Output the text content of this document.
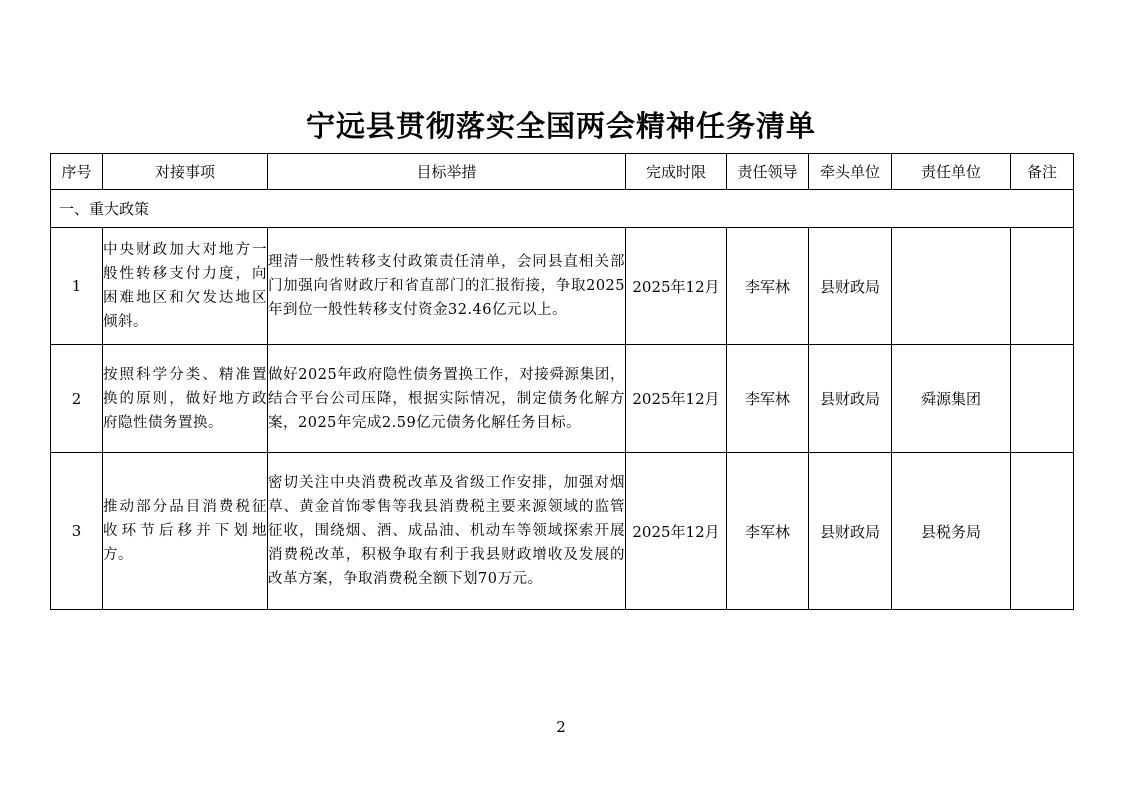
宁远县贯彻落实全国两会精神任务清单
序号	对接事项	目标举措	完成时限	责任领导	牵头单位	责任单位	备注
一、重大政策							
1	中央财政加大对地方一般性转移支付力度，向困难地区和欠发达地区倾斜。	理清一般性转移支付政策责任清单，会同县直相关部门加强向省财政厅和省直部门的汇报衔接，争取2025年到位一般性转移支付资金32.46亿元以上。	2025年12月	李军林	县财政局		
2	按照科学分类、精准置换的原则，做好地方政府隐性债务置换。	做好2025年政府隐性债务置换工作，对接舜源集团，结合平台公司压降，根据实际情况，制定债务化解方案，2025年完成2.59亿元债务化解任务目标。	2025年12月	李军林	县财政局	舜源集团	
3	推动部分品目消费税征收环节后移并下划地方。	密切关注中央消费税改革及省级工作安排，加强对烟草、黄金首饰零售等我县消费税主要来源领域的监管征收，围绕烟、酒、成品油、机动车等领域探索开展消费税改革，积极争取有利于我县财政增收及发展的改革方案，争取消费税全额下划70万元。	2025年12月	李军林	县财政局	县税务局	
2
